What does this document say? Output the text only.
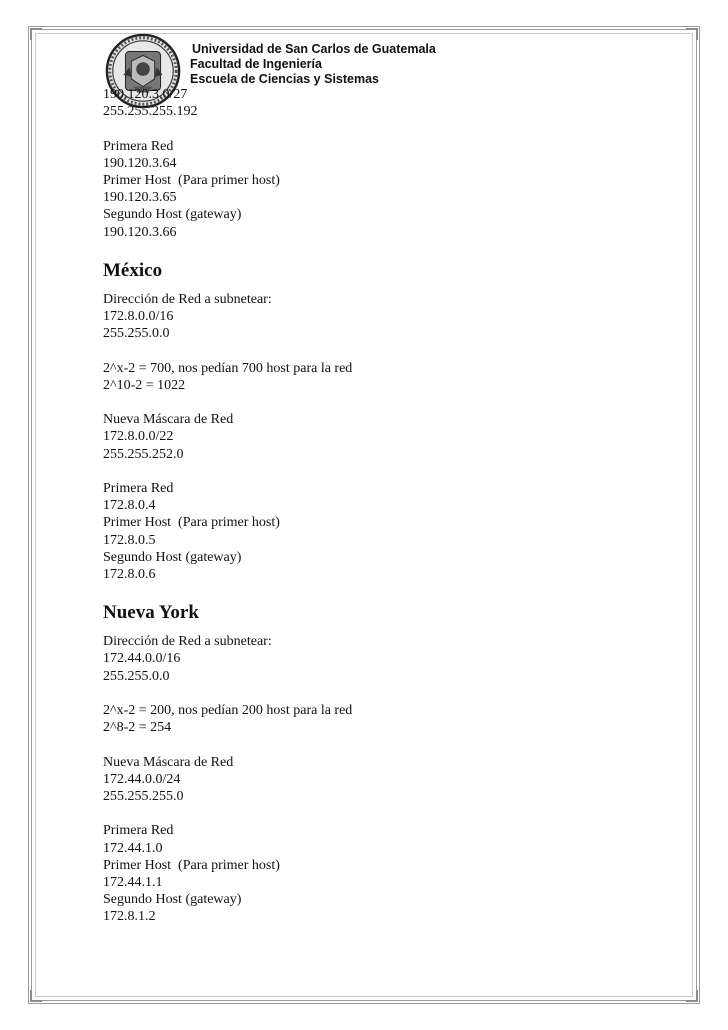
Universidad de San Carlos de Guatemala
Facultad de Ingeniería
Escuela de Ciencias y Sistemas
190.120.3.0/27
255.255.255.192
Primera Red
190.120.3.64
Primer Host  (Para primer host)
190.120.3.65
Segundo Host (gateway)
190.120.3.66
México
Dirección de Red a subnetear:
172.8.0.0/16
255.255.0.0
2^x-2 = 700, nos pedían 700 host para la red
2^10-2 = 1022
Nueva Máscara de Red
172.8.0.0/22
255.255.252.0
Primera Red
172.8.0.4
Primer Host  (Para primer host)
172.8.0.5
Segundo Host (gateway)
172.8.0.6
Nueva York
Dirección de Red a subnetear:
172.44.0.0/16
255.255.0.0
2^x-2 = 200, nos pedían 200 host para la red
2^8-2 = 254
Nueva Máscara de Red
172.44.0.0/24
255.255.255.0
Primera Red
172.44.1.0
Primer Host  (Para primer host)
172.44.1.1
Segundo Host (gateway)
172.8.1.2
